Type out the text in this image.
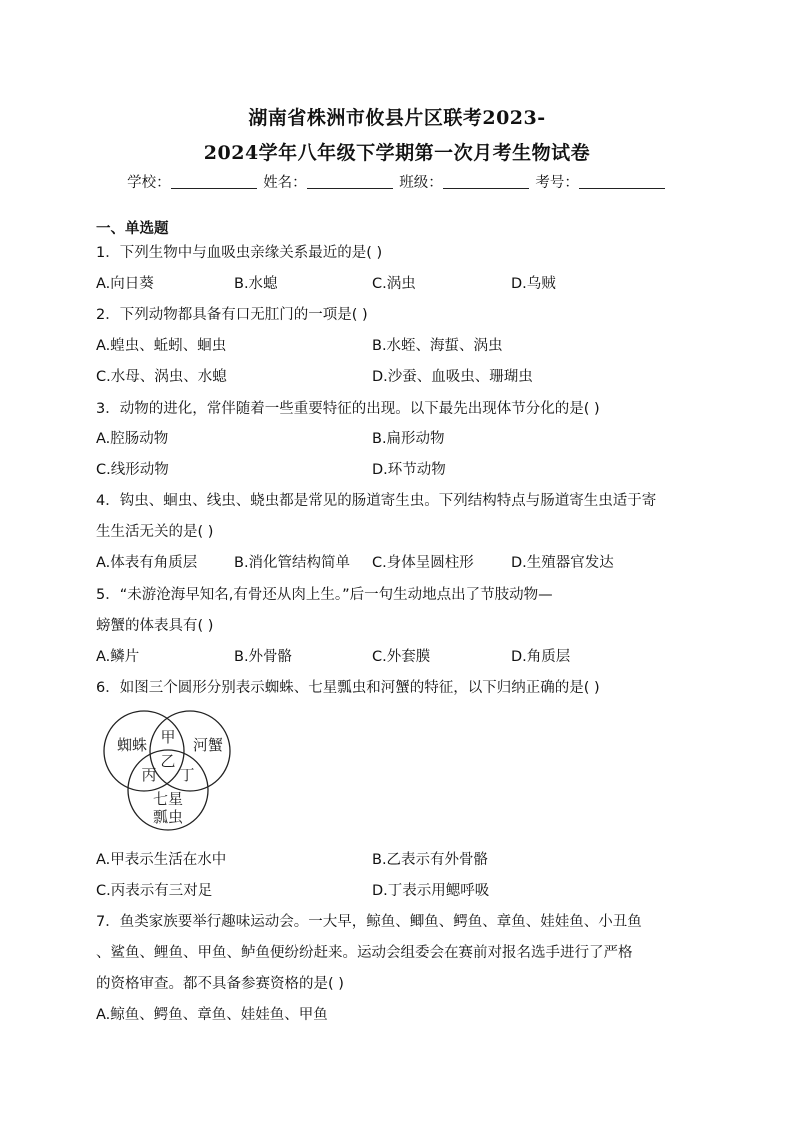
湖南省株洲市攸县片区联考2023-
2024学年八年级下学期第一次月考生物试卷
学校：	姓名：	班级：	考号：
一、单选题
1．下列生物中与血吸虫亲缘关系最近的是( )
A.向日葵	B.水螅	C.涡虫	D.乌贼
2．下列动物都具备有口无肛门的一项是( )
A.蝗虫、蚯蚓、蛔虫	B.水蛭、海蜇、涡虫
C.水母、涡虫、水螅	D.沙蚕、血吸虫、珊瑚虫
3．动物的进化，常伴随着一些重要特征的出现。以下最先出现体节分化的是( )
A.腔肠动物	B.扁形动物
C.线形动物	D.环节动物
4．钩虫、蛔虫、线虫、蛲虫都是常见的肠道寄生虫。下列结构特点与肠道寄生虫适于寄
生生活无关的是( )
A.体表有角质层	B.消化管结构简单 C.身体呈圆柱形	D.生殖器官发达
5．“未游沧海早知名,有骨还从肉上生。”后一句生动地点出了节肢动物—
螃蟹的体表具有( )
A.鳞片	B.外骨骼	C.外套膜	D.角质层
6．如图三个圆形分别表示蜘蛛、七星瓢虫和河蟹的特征，以下归纳正确的是( )
蜘蛛	河蟹
七星
瓢虫
甲
乙
丙 丁
A.甲表示生活在水中	B.乙表示有外骨骼
C.丙表示有三对足	D.丁表示用鳃呼吸
7．鱼类家族要举行趣味运动会。一大早，鲸鱼、鲫鱼、鳄鱼、章鱼、娃娃鱼、小丑鱼
、鲨鱼、鲤鱼、甲鱼、鲈鱼便纷纷赶来。运动会组委会在赛前对报名选手进行了严格
的资格审查。都不具备参赛资格的是( )
A.鲸鱼、鳄鱼、章鱼、娃娃鱼、甲鱼
